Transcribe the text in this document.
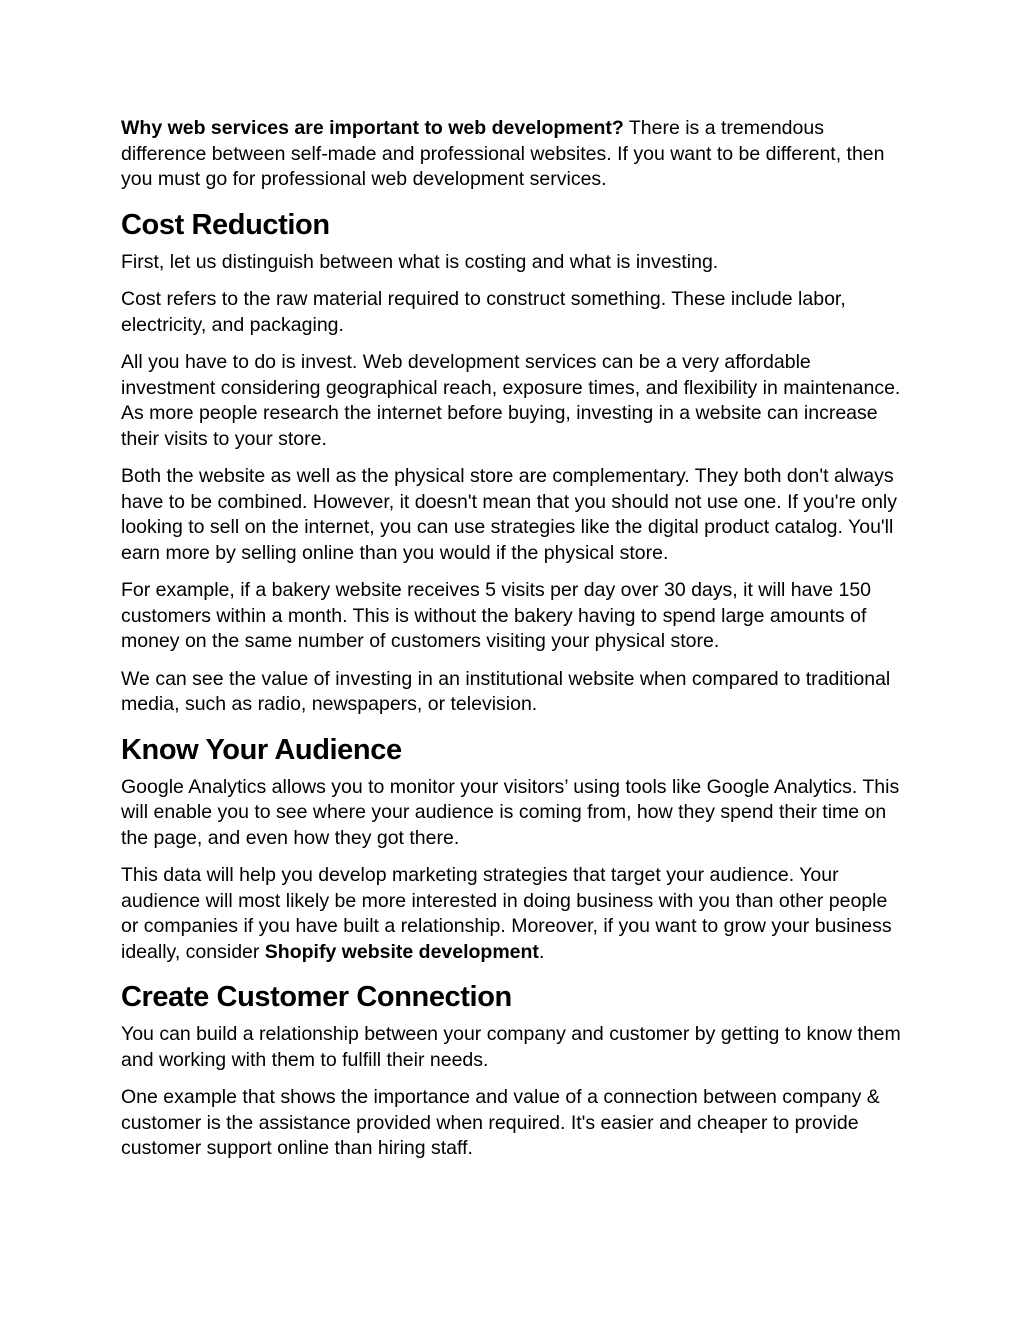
Why web services are important to web development? There is a tremendous difference between self-made and professional websites. If you want to be different, then you must go for professional web development services.

Cost Reduction

First, let us distinguish between what is costing and what is investing.

Cost refers to the raw material required to construct something. These include labor, electricity, and packaging.

All you have to do is invest. Web development services can be a very affordable investment considering geographical reach, exposure times, and flexibility in maintenance. As more people research the internet before buying, investing in a website can increase their visits to your store.

Both the website as well as the physical store are complementary. They both don't always have to be combined. However, it doesn't mean that you should not use one. If you're only looking to sell on the internet, you can use strategies like the digital product catalog. You'll earn more by selling online than you would if the physical store.

For example, if a bakery website receives 5 visits per day over 30 days, it will have 150 customers within a month. This is without the bakery having to spend large amounts of money on the same number of customers visiting your physical store.

We can see the value of investing in an institutional website when compared to traditional media, such as radio, newspapers, or television.

Know Your Audience

Google Analytics allows you to monitor your visitors’ using tools like Google Analytics. This will enable you to see where your audience is coming from, how they spend their time on the page, and even how they got there.

This data will help you develop marketing strategies that target your audience. Your audience will most likely be more interested in doing business with you than other people or companies if you have built a relationship. Moreover, if you want to grow your business ideally, consider Shopify website development.

Create Customer Connection

You can build a relationship between your company and customer by getting to know them and working with them to fulfill their needs.

One example that shows the importance and value of a connection between company & customer is the assistance provided when required. It's easier and cheaper to provide customer support online than hiring staff.
